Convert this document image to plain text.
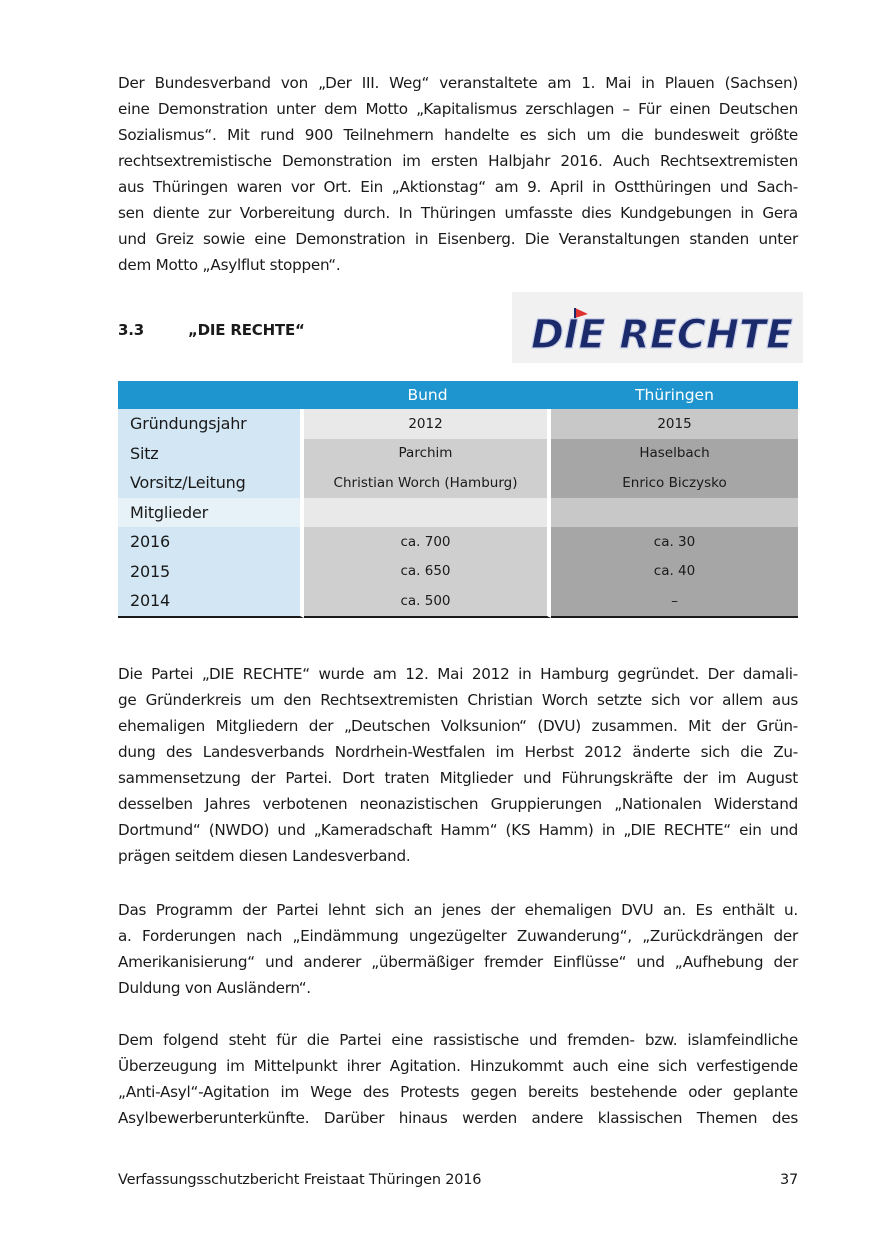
Der Bundesverband von „Der III. Weg“ veranstaltete am 1. Mai in Plauen (Sachsen)
eine Demonstration unter dem Motto „Kapitalismus zerschlagen – Für einen Deutschen
Sozialismus“. Mit rund 900 Teilnehmern handelte es sich um die bundesweit größte
rechtsextremistische Demonstration im ersten Halbjahr 2016. Auch Rechtsextremisten
aus Thüringen waren vor Ort. Ein „Aktionstag“ am 9. April in Ostthüringen und Sach-
sen diente zur Vorbereitung durch. In Thüringen umfasste dies Kundgebungen in Gera
und Greiz sowie eine Demonstration in Eisenberg. Die Veranstaltungen standen unter
dem Motto „Asylflut stoppen“.
3.3	„DIE RECHTE“	DIE RECHTE
	Bund	Thüringen
Gründungsjahr	2012	2015
Sitz	Parchim	Haselbach
Vorsitz/Leitung	Christian Worch (Hamburg)	Enrico Biczysko
Mitglieder		
2016	ca. 700	ca. 30
2015	ca. 650	ca. 40
2014	ca. 500	–
Die Partei „DIE RECHTE“ wurde am 12. Mai 2012 in Hamburg gegründet. Der damali-
ge Gründerkreis um den Rechtsextremisten Christian Worch setzte sich vor allem aus
ehemaligen Mitgliedern der „Deutschen Volksunion“ (DVU) zusammen. Mit der Grün-
dung des Landesverbands Nordrhein-Westfalen im Herbst 2012 änderte sich die Zu-
sammensetzung der Partei. Dort traten Mitglieder und Führungskräfte der im August
desselben Jahres verbotenen neonazistischen Gruppierungen „Nationalen Widerstand
Dortmund“ (NWDO) und „Kameradschaft Hamm“ (KS Hamm) in „DIE RECHTE“ ein und
prägen seitdem diesen Landesverband.
Das Programm der Partei lehnt sich an jenes der ehemaligen DVU an. Es enthält u.
a. Forderungen nach „Eindämmung ungezügelter Zuwanderung“, „Zurückdrängen der
Amerikanisierung“ und anderer „übermäßiger fremder Einflüsse“ und „Aufhebung der
Duldung von Ausländern“.
Dem folgend steht für die Partei eine rassistische und fremden- bzw. islamfeindliche
Überzeugung im Mittelpunkt ihrer Agitation. Hinzukommt auch eine sich verfestigende
„Anti-Asyl“-Agitation im Wege des Protests gegen bereits bestehende oder geplante
Asylbewerberunterkünfte. Darüber hinaus werden andere klassischen Themen des
Verfassungsschutzbericht Freistaat Thüringen 2016	37
